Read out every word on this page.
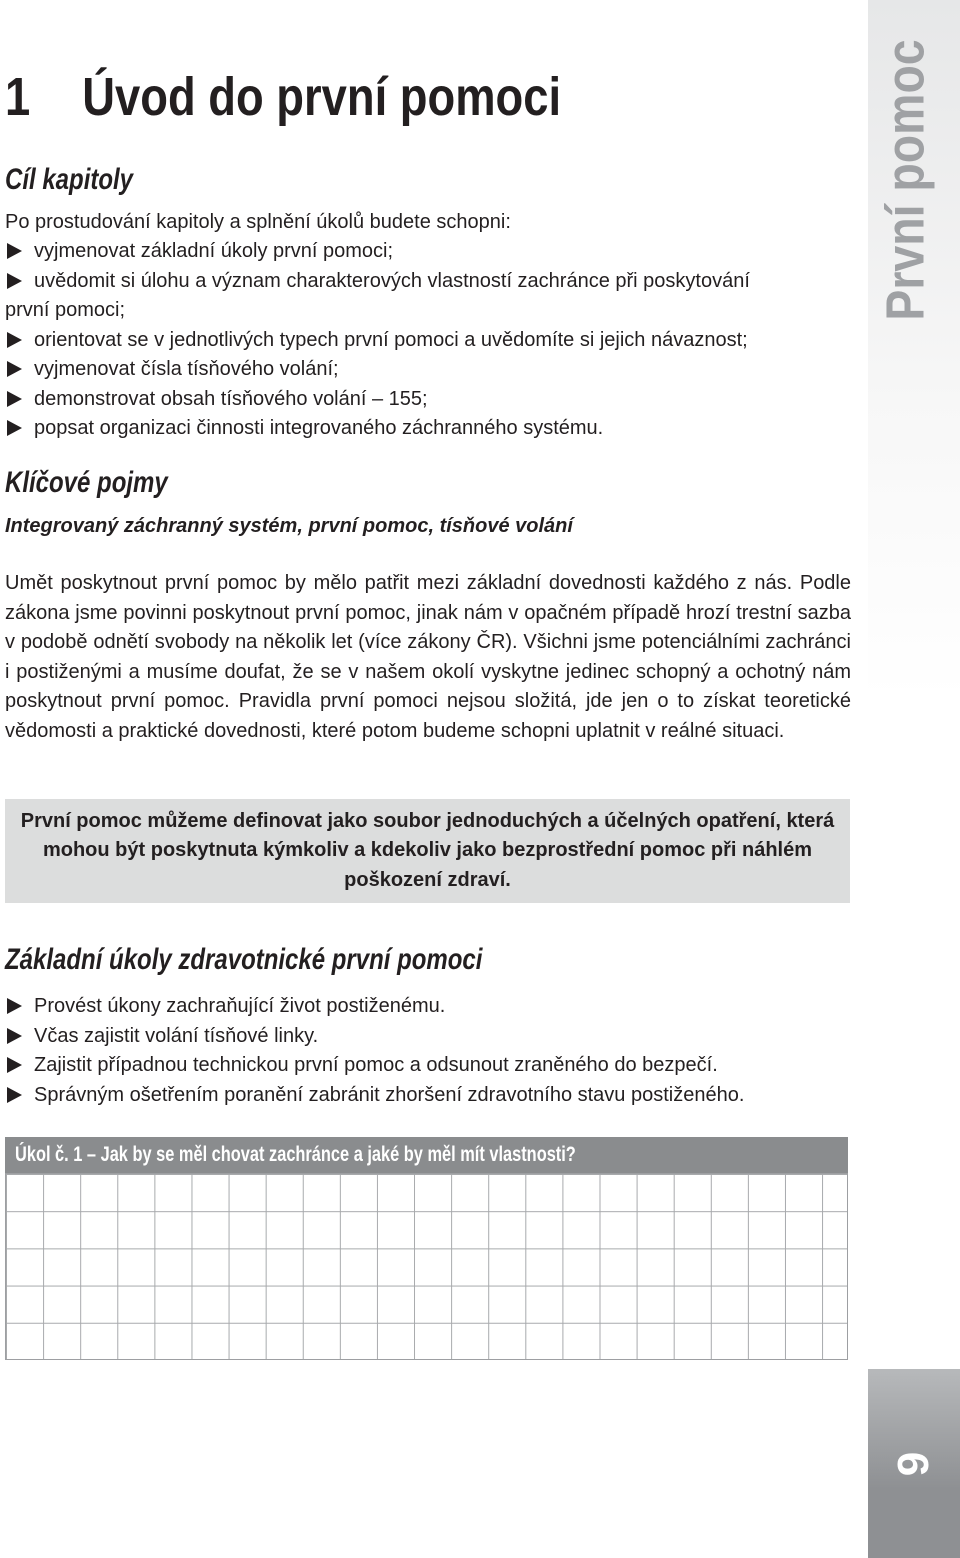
1 Úvod do první pomoci
Cíl kapitoly

Po prostudování kapitoly a splnění úkolů budete schopni:

vyjmenovat základní úkoly první pomoci;
uvědomit si úlohu a význam charakterových vlastností zachránce při poskytování
první pomoci;
orientovat se v jednotlivých typech první pomoci a uvědomíte si jejich návaznost;
vyjmenovat čísla tísňového volání;
demonstrovat obsah tísňového volání – 155;
popsat organizaci činnosti integrovaného záchranného systému.
Klíčové pojmy

Integrovaný záchranný systém, první pomoc, tísňové volání

Umět poskytnout první pomoc by mělo patřit mezi základní dovednosti každého z nás. Podle zákona jsme povinni poskytnout první pomoc, jinak nám v opačném případě hrozí trestní sazba v podobě odnětí svobody na několik let (více zákony ČR). Všichni jsme potenciálními zachránci i postiženými a musíme doufat, že se v našem okolí vyskytne jedinec schopný a ochotný nám poskytnout první pomoc. Pravidla první pomoci nejsou složitá, jde jen o to získat teoretické vědomosti a praktické dovednosti, které potom budeme schopni uplatnit v reálné situaci.

První pomoc můžeme definovat jako soubor jednoduchých a účelných opatření, která mohou být poskytnuta kýmkoliv a kdekoliv jako bezprostřední pomoc při náhlém poškození zdraví.

Základní úkoly zdravotnické první pomoci
Provést úkony zachraňující život postiženému.
Včas zajistit volání tísňové linky.
Zajistit případnou technickou první pomoc a odsunout zraněného do bezpečí.
Správným ošetřením poranění zabránit zhoršení zdravotního stavu postiženého.
Úkol č. 1 – Jak by se měl chovat zachránce a jaké by měl mít vlastnosti?
První pomoc
9
